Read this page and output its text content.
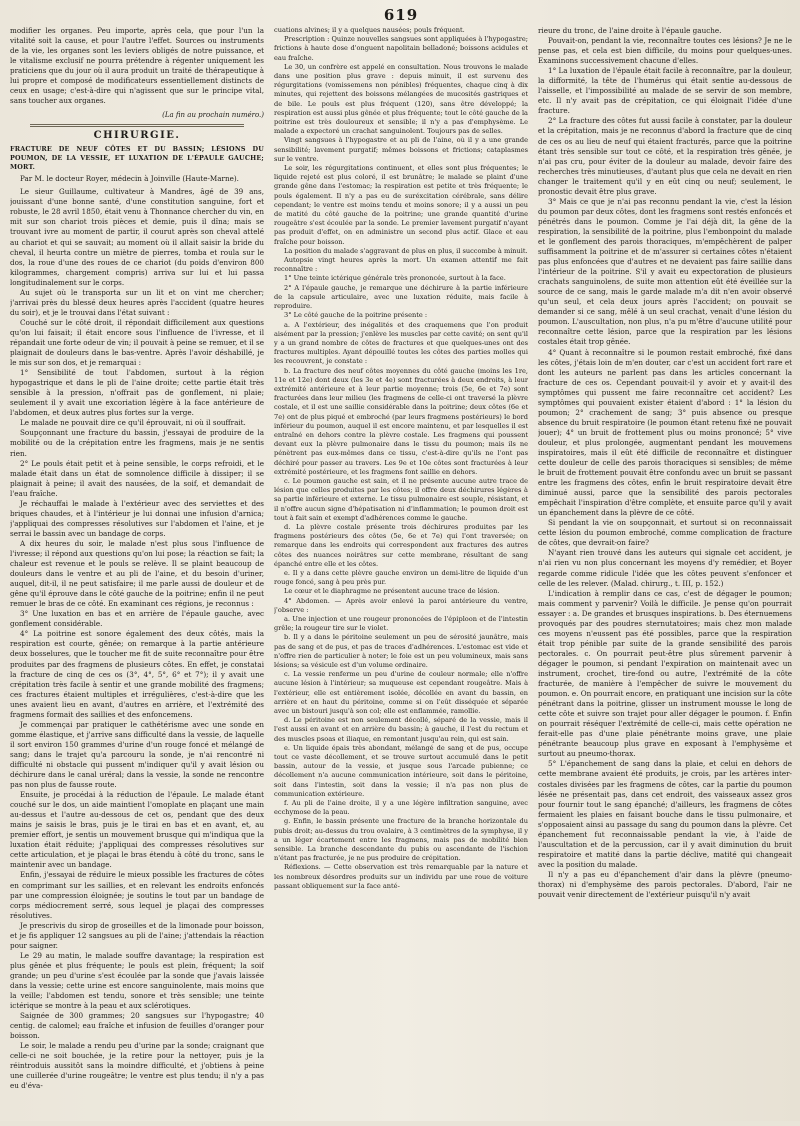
619

modifier les organes. Peu importe, après cela, que pour l'un la vitalité soit la cause, et pour l'autre l'effet. Sources ou instruments de la vie, les organes sont les leviers obligés de notre puissance, et le vitalisme exclusif ne pourra prétendre à régenter uniquement les praticiens que du jour où il aura produit un traité de thérapeutique à lui propre et composé de modificateurs essentiellement distincts de ceux en usage; c'est-à-dire qui n'agissent que sur le principe vital, sans toucher aux organes.

(La fin au prochain numéro.)
CHIRURGIE.
FRACTURE DE NEUF CÔTES ET DU BASSIN; LÉSIONS DU POUMON, DE LA VESSIE, ET LUXATION DE L'ÉPAULE GAUCHE; MORT.
Par M. le docteur Royer, médecin à Joinville (Haute-Marne).

Le sieur Guillaume, cultivateur à Mandres, âgé de 39 ans, jouissant d'une bonne santé, d'une constitution sanguine, fort et robuste, le 28 avril 1850, était venu à Thonnance chercher du vin, en mit sur son chariot trois pièces et demie, puis il dîna; mais se trouvant ivre au moment de partir, il courut après son cheval attelé au chariot et qui se sauvait; au moment où il allait saisir la bride du cheval, il heurta contre un miètre de pierres, tomba et roula sur le dos, la roue d'une des roues de ce chariot (du poids d'environ 800 kilogrammes, chargement compris) arriva sur lui et lui passa longitudinalement sur le corps.

Au sujet où le transporta sur un lit et on vint me chercher; j'arrivai près du blessé deux heures après l'accident (quatre heures du soir), et je le trouvai dans l'état suivant :

Couché sur le côté droit, il répondait difficilement aux questions qu'on lui faisait; il était encore sous l'influence de l'ivresse, et il répandait une forte odeur de vin; il pouvait à peine se remuer, et il se plaignait de douleurs dans le bas-ventre. Après l'avoir déshabillé, je le mis sur son dos, et je remarquai :

1° Sensibilité de tout l'abdomen, surtout à la région hypogastrique et dans le pli de l'aine droite; cette partie était très sensible à la pression, n'offrait pas de gonflement, ni plaie; seulement il y avait une excoriation légère à la face antérieure de l'abdomen, et deux autres plus fortes sur la verge.

Le malade ne pouvait dire ce qu'il éprouvait, ni où il souffrait.

Soupçonnant une fracture du bassin, j'essayai de produire de la mobilité ou de la crépitation entre les fragmens, mais je ne sentis rien.

2° Le pouls était petit et à peine sensible, le corps refroidi, et le malade était dans un état de somnolence difficile à dissiper; il se plaignait à peine; il avait des nausées, de la soif, et demandait de l'eau fraîche.

Je réchauffai le malade à l'extérieur avec des serviettes et des briques chaudes, et à l'intérieur je lui donnai une infusion d'arnica; j'appliquai des compresses résolutives sur l'abdomen et l'aine, et je serrai le bassin avec un bandage de corps.

A dix heures du soir, le malade n'est plus sous l'influence de l'ivresse; il répond aux questions qu'on lui pose; la réaction se fait; la chaleur est revenue et le pouls se relève. Il se plaint beaucoup de douleurs dans le ventre et au pli de l'aine, et du besoin d'uriner, auquel, dit-il, il ne peut satisfaire; il me parle aussi de douleur et de gêne qu'il éprouve dans le côté gauche de la poitrine; enfin il ne peut remuer le bras de ce côté. En examinant ces régions, je reconnus :

3° Une luxation en bas et en arrière de l'épaule gauche, avec gonflement considérable.

4° La poitrine est sonore également des deux côtés, mais la respiration est courte, gênée; on remarque à la partie antérieure deux bosselures, que le toucher me fit de suite reconnaître pour être produites par des fragmens de plusieurs côtes. En effet, je constatai la fracture de cinq de ces os (3°, 4°, 5°, 6° et 7°); il y avait une crépitation très facile à sentir et une grande mobilité des fragmens; ces fractures étaient multiples et irrégulières, c'est-à-dire que les unes avaient lieu en avant, d'autres en arrière, et l'extrémité des fragmens formait des saillies et des enfoncemens.

Je commençai par pratiquer le cathétérisme avec une sonde en gomme élastique, et j'arrive sans difficulté dans la vessie, de laquelle il sort environ 150 grammes d'urine d'un rouge foncé et mélangé de sang; dans le trajet qu'a parcouru la sonde, je n'ai rencontré ni difficulté ni obstacle qui pussent m'indiquer qu'il y avait lésion ou déchirure dans le canal uréral; dans la vessie, la sonde ne rencontre pas non plus de fausse route.

Ensuite, je procédai à la réduction de l'épaule. Le malade étant couché sur le dos, un aide maintient l'omoplate en plaçant une main au-dessus et l'autre au-dessous de cet os, pendant que des deux mains je saisis le bras, puis je le tirai en bas et en avant, et, au premier effort, je sentis un mouvement brusque qui m'indiqua que la luxation était réduite; j'appliquai des compresses résolutives sur cette articulation, et je plaçai le bras étendu à côté du tronc, sans le maintenir avec un bandage.

Enfin, j'essayai de réduire le mieux possible les fractures de côtes en comprimant sur les saillies, et en relevant les endroits enfoncés par une compression éloignée; je soutins le tout par un bandage de corps médiocrement serré, sous lequel je plaçai des compresses résolutives.

Je prescrivis du sirop de groseilles et de la limonade pour boisson, et je fis appliquer 12 sangsues au pli de l'aine; j'attendais la réaction pour saigner.

Le 29 au matin, le malade souffre davantage; la respiration est plus gênée et plus fréquente; le pouls est plein, fréquent; la soif grande; un peu d'urine s'est écoulée par la sonde que j'avais laissée dans la vessie; cette urine est encore sanguinolente, mais moins que la veille; l'abdomen est tendu, sonore et très sensible; une teinte ictérique se montre à la peau et aux sclérotiques.

Saignée de 300 grammes; 20 sangsues sur l'hypogastre; 40 centig. de calomel; eau fraîche et infusion de feuilles d'oranger pour boisson.

Le soir, le malade a rendu peu d'urine par la sonde; craignant que celle-ci ne soit bouchée, je la retire pour la nettoyer, puis je la réintroduis aussitôt sans la moindre difficulté, et j'obtiens à peine une cuillerée d'urine rougeâtre; le ventre est plus tendu; il n'y a pas eu d'éva-

cuations alvines; il y a quelques nausées; pouls fréquent.

Prescription : Quinze nouvelles sangsues sont appliquées à l'hypogastre; frictions à haute dose d'onguent napolitain belladoné; boissons acidules et eau fraîche.

Le 30, un confrère est appelé en consultation. Nous trouvons le malade dans une position plus grave : depuis minuit, il est survenu des régurgitations (vomissemens non pénibles) fréquentes, chaque cinq à dix minutes, qui rejettent des boissons mélangées de mucosités gastriques et de bile. Le pouls est plus fréquent (120), sans être développé; la respiration est aussi plus gênée et plus fréquente; tout le côté gauche de la poitrine est très douloureux et sensible; il n'y a pas d'emphysème. Le malade a expectoré un crachat sanguinolent. Toujours pas de selles.

Vingt sangsues à l'hypogastre et au pli de l'aine, où il y a une grande sensibilité; lavement purgatif; mêmes boissons et frictions; cataplasmes sur le ventre.

Le soir, les régurgitations continuent, et elles sont plus fréquentes; le liquide rejeté est plus coloré, il est brunâtre; le malade se plaint d'une grande gêne dans l'estomac; la respiration est petite et très fréquente; le pouls également. Il n'y a pas eu de suréxcitation cérébrale, sans délire cependant; le ventre est moins tendu et moins sonore; il y a aussi un peu de matité du côté gauche de la poitrine; une grande quantité d'urine rougeâtre s'est écoulée par la sonde. Le premier lavement purgatif n'ayant pas produit d'effet, on en administre un second plus actif. Glace et eau fraîche pour boisson.

La position du malade s'aggravant de plus en plus, il succombe à minuit.

Autopsie vingt heures après la mort. Un examen attentif me fait reconnaître :

1° Une teinte ictérique générale très prononcée, surtout à la face.

2° A l'épaule gauche, je remarque une déchirure à la partie inférieure de la capsule articulaire, avec une luxation réduite, mais facile à reproduire.

3° Le côté gauche de la poitrine présente :

a. A l'extérieur, des inégalités et des craquemens que l'on produit aisément par la pression; j'enlève les muscles par cette cavité; on sent qu'il y a un grand nombre de côtes de fractures et que quelques-unes ont des fractures multiples. Ayant dépouillé toutes les côtes des parties molles qui les recouvrent, je constate :

b. La fracture des neuf côtes moyennes du côté gauche (moins les 1re, 11e et 12e) dont deux (les 3e et 4e) sont fracturées à deux endroits, à leur extrémité antérieure et à leur partie moyenne; trois (5e, 6e et 7e) sont fracturées dans leur milieu (les fragmens de celle-ci ont traversé la plèvre costale, et il est une saillie considérable dans la poitrine; deux côtes (6e et 7e) ont de plus piqué et embroché (par leurs fragmens postérieurs) le bord inférieur du poumon, auquel il est encore maintenu, et par lesquelles il est entraîné en dehors contre la plèvre costale. Les fragmens qui poussent devant eux la plèvre pulmonaire dans le tissu du poumon; mais ils ne pénètrent pas eux-mêmes dans ce tissu, c'est-à-dire qu'ils ne l'ont pas déchiré pour passer au travers. Les 9e et 10e côtes sont fracturées à leur extrémité postérieure, et les fragmens font saillie en dehors.

c. Le poumon gauche est sain, et il ne présente aucune autre trace de lésion que celles produites par les côtes; il offre deux déchirures légères à sa partie inférieure et externe. Le tissu pulmonaire est souple, résistant, et il n'offre aucun signe d'hépatisation ni d'inflammation; le poumon droit est tout à fait sain et exempt d'adhérences comme le gauche.

d. La plèvre costale présente trois déchirures produites par les fragmens postérieurs des côtes (5e, 6e et 7e) qui l'ont traversée; on remarque dans les endroits qui correspondent aux fractures des autres côtes des nuances noirâtres sur cette membrane, résultant de sang épanché entre elle et les côtes.

e. Il y a dans cette plèvre gauche environ un demi-litre de liquide d'un rouge foncé, sang à peu près pur.

Le cœur et le diaphragme ne présentent aucune trace de lésion.

4° Abdomen. — Après avoir enlevé la paroi antérieure du ventre, j'observe :

a. Une injection et une rougeur prononcées de l'épiploon et de l'intestin grêle; la rougeur tire sur le violet.

b. Il y a dans le péritoine seulement un peu de sérosité jaunâtre, mais pas de sang et de pus, et pas de traces d'adhérences. L'estomac est vide et n'offre rien de particulier à noter; le foie est un peu volumineux, mais sans lésions; sa vésicule est d'un volume ordinaire.

c. La vessie renferme un peu d'urine de couleur normale; elle n'offre aucune lésion à l'intérieur; sa muqueuse est cependant rougeâtre. Mais à l'extérieur, elle est entièrement isolée, décollée en avant du bassin, en arrière et en haut du péritoine, comme si on l'eût disséquée et séparée avec un bistouri jusqu'à son col; elle est enflammée, ramollie.

d. Le péritoine est non seulement décollé, séparé de la vessie, mais il l'est aussi en avant et en arrière du bassin; à gauche, il l'est du rectum et des muscles psoas et iliaque, en remontant jusqu'au rein, qui est sain.

e. Un liquide épais très abondant, mélangé de sang et de pus, occupe tout ce vaste décollement, et se trouve surtout accumulé dans le petit bassin, autour de la vessie, et jusque sous l'arcade pubienne; ce décollement n'a aucune communication intérieure, soit dans le péritoine, soit dans l'intestin, soit dans la vessie; il n'a pas non plus de communication extérieure.

f. Au pli de l'aine droite, il y a une légère infiltration sanguine, avec ecchymose de la peau.

g. Enfin, le bassin présente une fracture de la branche horizontale du pubis droit; au-dessus du trou ovalaire, à 3 centimètres de la symphyse, il y a un léger écartement entre les fragmens, mais pas de mobilité bien sensible. La branche descendante du pubis ou ascendante de l'ischion n'étant pas fracturée, je ne pus produire de crépitation.

Réflexions. — Cette observation est très remarquable par la nature et les nombreux désordres produits sur un individu par une roue de voiture passant obliquement sur la face anté-

rieure du tronc, de l'aine droite à l'épaule gauche.

Pouvait-on, pendant la vie, reconnaître toutes ces lésions? Je ne le pense pas, et cela est bien difficile, du moins pour quelques-unes. Examinons successivement chacune d'elles.

1° La luxation de l'épaule était facile à reconnaître, par la douleur, la difformité, la tête de l'humérus qui était sentie au-dessous de l'aisselle, et l'impossibilité au malade de se servir de son membre, etc. Il n'y avait pas de crépitation, ce qui éloignait l'idée d'une fracture.

2° La fracture des côtes fut aussi facile à constater, par la douleur et la crépitation, mais je ne reconnus d'abord la fracture que de cinq de ces os au lieu de neuf qui étaient fracturés, parce que la poitrine étant très sensible sur tout ce côté, et la respiration très gênée, je n'ai pas cru, pour éviter de la douleur au malade, devoir faire des recherches très minutieuses, d'autant plus que cela ne devait en rien changer le traitement qu'il y en eût cinq ou neuf; seulement, le pronostic devait être plus grave.

3° Mais ce que je n'ai pas reconnu pendant la vie, c'est la lésion du poumon par deux côtes, dont les fragmens sont restés enfoncés et pénétrés dans le poumon. Comme je l'ai déjà dit, la gêne de la respiration, la sensibilité de la poitrine, plus l'embonpoint du malade et le gonflement des parois thoraciques, m'empêchèrent de palper suffisamment la poitrine et de m'assurer si certaines côtes n'étaient pas plus enfoncées que d'autres et ne devaient pas faire saillie dans l'intérieur de la poitrine. S'il y avait eu expectoration de plusieurs crachats sanguinolens, de suite mon attention eût été éveillée sur la source de ce sang, mais le garde malade m'a dit n'en avoir observé qu'un seul, et cela deux jours après l'accident; on pouvait se demander si ce sang, mêlé à un seul crachat, venait d'une lésion du poumon. L'auscultation, non plus, n'a pu m'être d'aucune utilité pour reconnaître cette lésion, parce que la respiration par les lésions costales était trop gênée.

4° Quant à reconnaître si le poumon restait embroché, fixé dans les côtes, j'étais loin de m'en douter, car c'est un accident fort rare et dont les auteurs ne parlent pas dans les articles concernant la fracture de ces os. Cependant pouvait-il y avoir et y avait-il des symptômes qui pussent me faire reconnaître cet accident? Les symptômes qui pouvaient exister étaient d'abord : 1° la lésion du poumon; 2° crachement de sang; 3° puis absence ou presque absence du bruit respiratoire (le poumon étant retenu fixé ne pouvait jouer); 4° un bruit de frottement plus ou moins prononcé; 5° vive douleur, et plus prolongée, augmentant pendant les mouvemens inspiratoires, mais il eût été difficile de reconnaître et distinguer cette douleur de celle des parois thoraciques si sensibles; de même le bruit de frottement pouvait être confondu avec un bruit se passant entre les fragmens des côtes, enfin le bruit respiratoire devait être diminué aussi, parce que la sensibilité des parois pectorales empêchait l'inspiration d'être complète, et ensuite parce qu'il y avait un épanchement dans la plèvre de ce côté.

Si pendant la vie on soupçonnait, et surtout si on reconnaissait cette lésion du poumon embroché, comme complication de fracture de côtes, que devrait-on faire?

N'ayant rien trouvé dans les auteurs qui signale cet accident, je n'ai rien vu non plus concernant les moyens d'y remédier, et Boyer regarde comme ridicule l'idée que les côtes peuvent s'enfoncer et celle de les relever. (Malad. chirurg., t. III, p. 152.)

L'indication à remplir dans ce cas, c'est de dégager le poumon; mais comment y parvenir? Voilà le difficile. Je pense qu'on pourrait essayer : a. De grandes et brusques inspirations. b. Des éternuemens provoqués par des poudres sternutatoires; mais chez mon malade ces moyens n'eussent pas été possibles, parce que la respiration était trop pénible par suite de la grande sensibilité des parois pectorales. c. On pourrait peut-être plus sûrement parvenir à dégager le poumon, si pendant l'expiration on maintenait avec un instrument, crochet, tire-fond ou autre, l'extrémité de la côte fracturée, de manière à l'empêcher de suivre le mouvement du poumon. e. On pourrait encore, en pratiquant une incision sur la côte pénétrant dans la poitrine, glisser un instrument mousse le long de cette côte et suivre son trajet pour aller dégager le poumon. f. Enfin on pourrait réséquer l'extrémité de celle-ci, mais cette opération ne ferait-elle pas d'une plaie pénétrante moins grave, une plaie pénétrante beaucoup plus grave en exposant à l'emphysème et surtout au pneumo-thorax.

5° L'épanchement de sang dans la plaie, et celui en dehors de cette membrane avaient été produits, je crois, par les artères inter-costales divisées par les fragmens de côtes, car la partie du poumon lésée ne présentait pas, dans cet endroit, des vaisseaux assez gros pour fournir tout le sang épanché; d'ailleurs, les fragmens de côtes fermaient les plaies en faisant bouche dans le tissu pulmonaire, et s'opposaient ainsi au passage du sang du poumon dans la plèvre. Cet épanchement fut reconnaissable pendant la vie, à l'aide de l'auscultation et de la percussion, car il y avait diminution du bruit respiratoire et matité dans la partie déclive, matité qui changeait avec la position du malade.

Il n'y a pas eu d'épanchement d'air dans la plèvre (pneumo-thorax) ni d'emphysème des parois pectorales. D'abord, l'air ne pouvait venir directement de l'extérieur puisqu'il n'y avait
